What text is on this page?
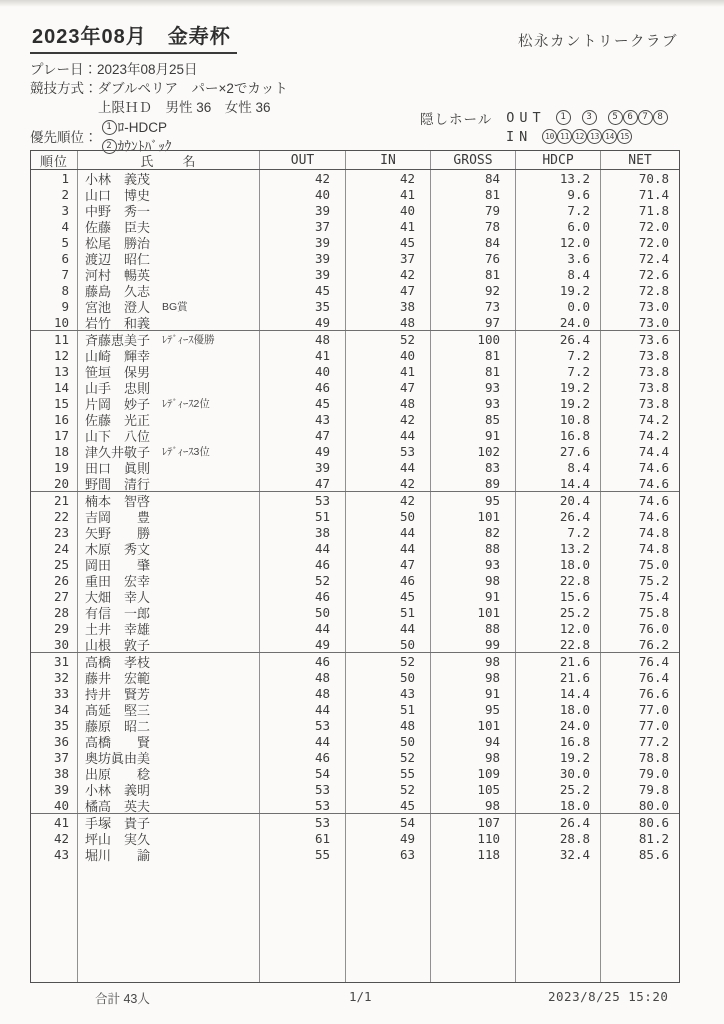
2023年08月　金寿杯	松永カントリークラブ
プレー日：2023年08月25日
競技方式：ダブルペリア　パー×2でカット
上限ＨＤ　男性 36　女性 36
優先順位：
1 ﾛ-HDCP
2 ｶｳﾝﾄﾊﾞｯｸ
隠しホール OUT	1	3	5	6	7	8
IN	10 11 12 13 14 15
順位	氏　　名	OUT	IN	GROSS	HDCP	NET
1	小林　義茂	42	42	84	13.2	70.8
2	山口　博史	40	41	81	9.6	71.4
3	中野　秀一	39	40	79	7.2	71.8
4	佐藤　臣夫	37	41	78	6.0	72.0
5	松尾　勝治	39	45	84	12.0	72.0
6	渡辺　昭仁	39	37	76	3.6	72.4
7	河村　暢英	39	42	81	8.4	72.6
8	藤島　久志	45	47	92	19.2	72.8
9	宮池　澄人 BG賞	35	38	73	0.0	73.0
10	岩竹　和義	49	48	97	24.0	73.0
11	斉藤恵美子 ﾚﾃﾞｨｰｽ優勝	48	52	100	26.4	73.6
12	山崎　輝幸	41	40	81	7.2	73.8
13	笹垣　保男	40	41	81	7.2	73.8
14	山手　忠則	46	47	93	19.2	73.8
15	片岡　妙子 ﾚﾃﾞｨｰｽ2位	45	48	93	19.2	73.8
16	佐藤　光正	43	42	85	10.8	74.2
17	山下　八位	47	44	91	16.8	74.2
18	津久井敬子 ﾚﾃﾞｨｰｽ3位	49	53	102	27.6	74.4
19	田口　眞則	39	44	83	8.4	74.6
20	野間　清行	47	42	89	14.4	74.6
21	楠本　智啓	53	42	95	20.4	74.6
22	吉岡　　豊	51	50	101	26.4	74.6
23	矢野　　勝	38	44	82	7.2	74.8
24	木原　秀文	44	44	88	13.2	74.8
25	岡田　　肇	46	47	93	18.0	75.0
26	重田　宏幸	52	46	98	22.8	75.2
27	大畑　幸人	46	45	91	15.6	75.4
28	有信　一郎	50	51	101	25.2	75.8
29	土井　幸雄	44	44	88	12.0	76.0
30	山根　敦子	49	50	99	22.8	76.2
31	高橋　孝枝	46	52	98	21.6	76.4
32	藤井　宏範	48	50	98	21.6	76.4
33	持井　賢芳	48	43	91	14.4	76.6
34	髙延　堅三	44	51	95	18.0	77.0
35	藤原　昭二	53	48	101	24.0	77.0
36	高橋　　賢	44	50	94	16.8	77.2
37	奥坊眞由美	46	52	98	19.2	78.8
38	出原　　稔	54	55	109	30.0	79.0
39	小林　義明	53	52	105	25.2	79.8
40	橘高　英夫	53	45	98	18.0	80.0
41	手塚　貴子	53	54	107	26.4	80.6
42	坪山　実久	61	49	110	28.8	81.2
43	堀川　　諭	55	63	118	32.4	85.6
合計 43人	1/1	2023/8/25 15:20
